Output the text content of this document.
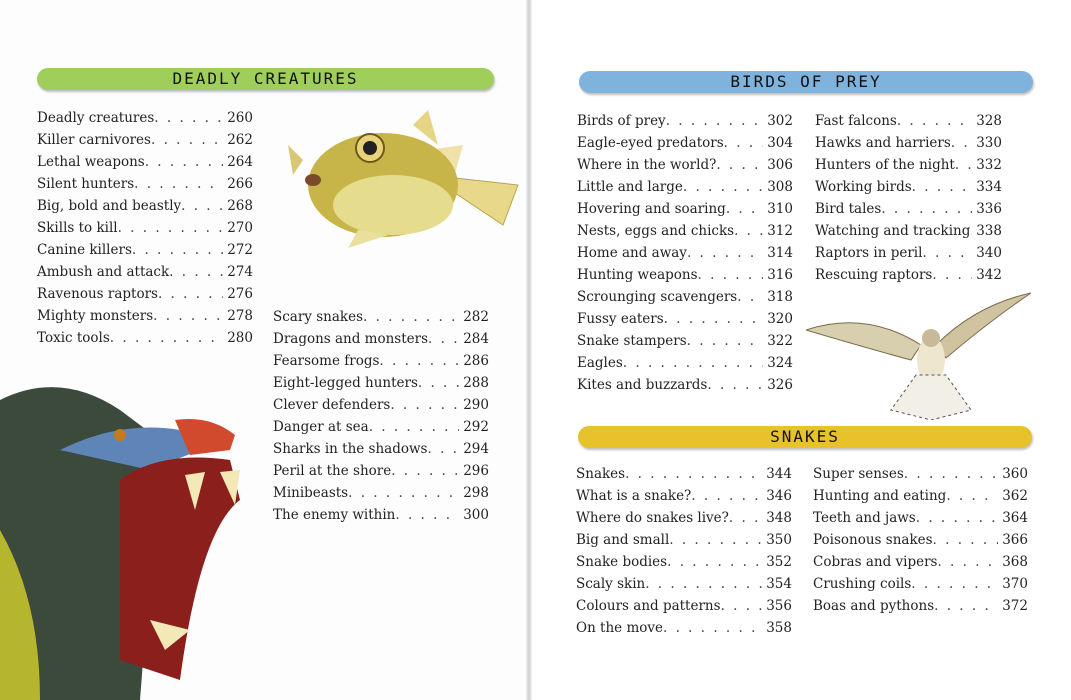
DEADLY CREATURES	BIRDS OF PREY
SNAKES
Deadly creatures . . .	260
Killer carnivores . . .	262
Lethal weapons . . .	264
Silent hunters . . .	266
Big, bold and beastly . . .	268
Skills to kill . . .	270
Canine killers . . .	272
Ambush and attack . . .	274
Ravenous raptors . . .	276
Mighty monsters . . .	278
Toxic tools . . .	280
Scary snakes . . .	282
Dragons and monsters . . .	284
Fearsome frogs . . .	286
Eight-legged hunters . . .	288
Clever defenders . . .	290
Danger at sea . . .	292
Sharks in the shadows . . .	294
Peril at the shore . . .	296
Minibeasts . . .	298
The enemy within . . .	300
Birds of prey . . .	302
Eagle-eyed predators . . .	304
Where in the world? . . .	306
Little and large . . .	308
Hovering and soaring . . .	310
Nests, eggs and chicks . . . 312
Home and away . . .	314
Hunting weapons . . .	316
Scrounging scavengers . . . 318
Fussy eaters . . .	320
Snake stampers . . .	322
Eagles . . .	324
Kites and buzzards . . .	326
Fast falcons . . .	328
Hawks and harriers . . . 330
Hunters of the night . . . 332
Working birds . . .	334
Bird tales . . .	336
Watching and tracking . . . 338
Raptors in peril . . .	340
Rescuing raptors . . .	342
Snakes . . .	344
What is a snake? . . .	346
Where do snakes live? . . .	348
Big and small . . .	350
Snake bodies . . .	352
Scaly skin . . .	354
Colours and patterns . . .	356
On the move . . .	358
Super senses . . .	360
Hunting and eating . . .	362
Teeth and jaws . . .	364
Poisonous snakes . . .	366
Cobras and vipers . . .	368
Crushing coils . . .	370
Boas and pythons . . .	372
